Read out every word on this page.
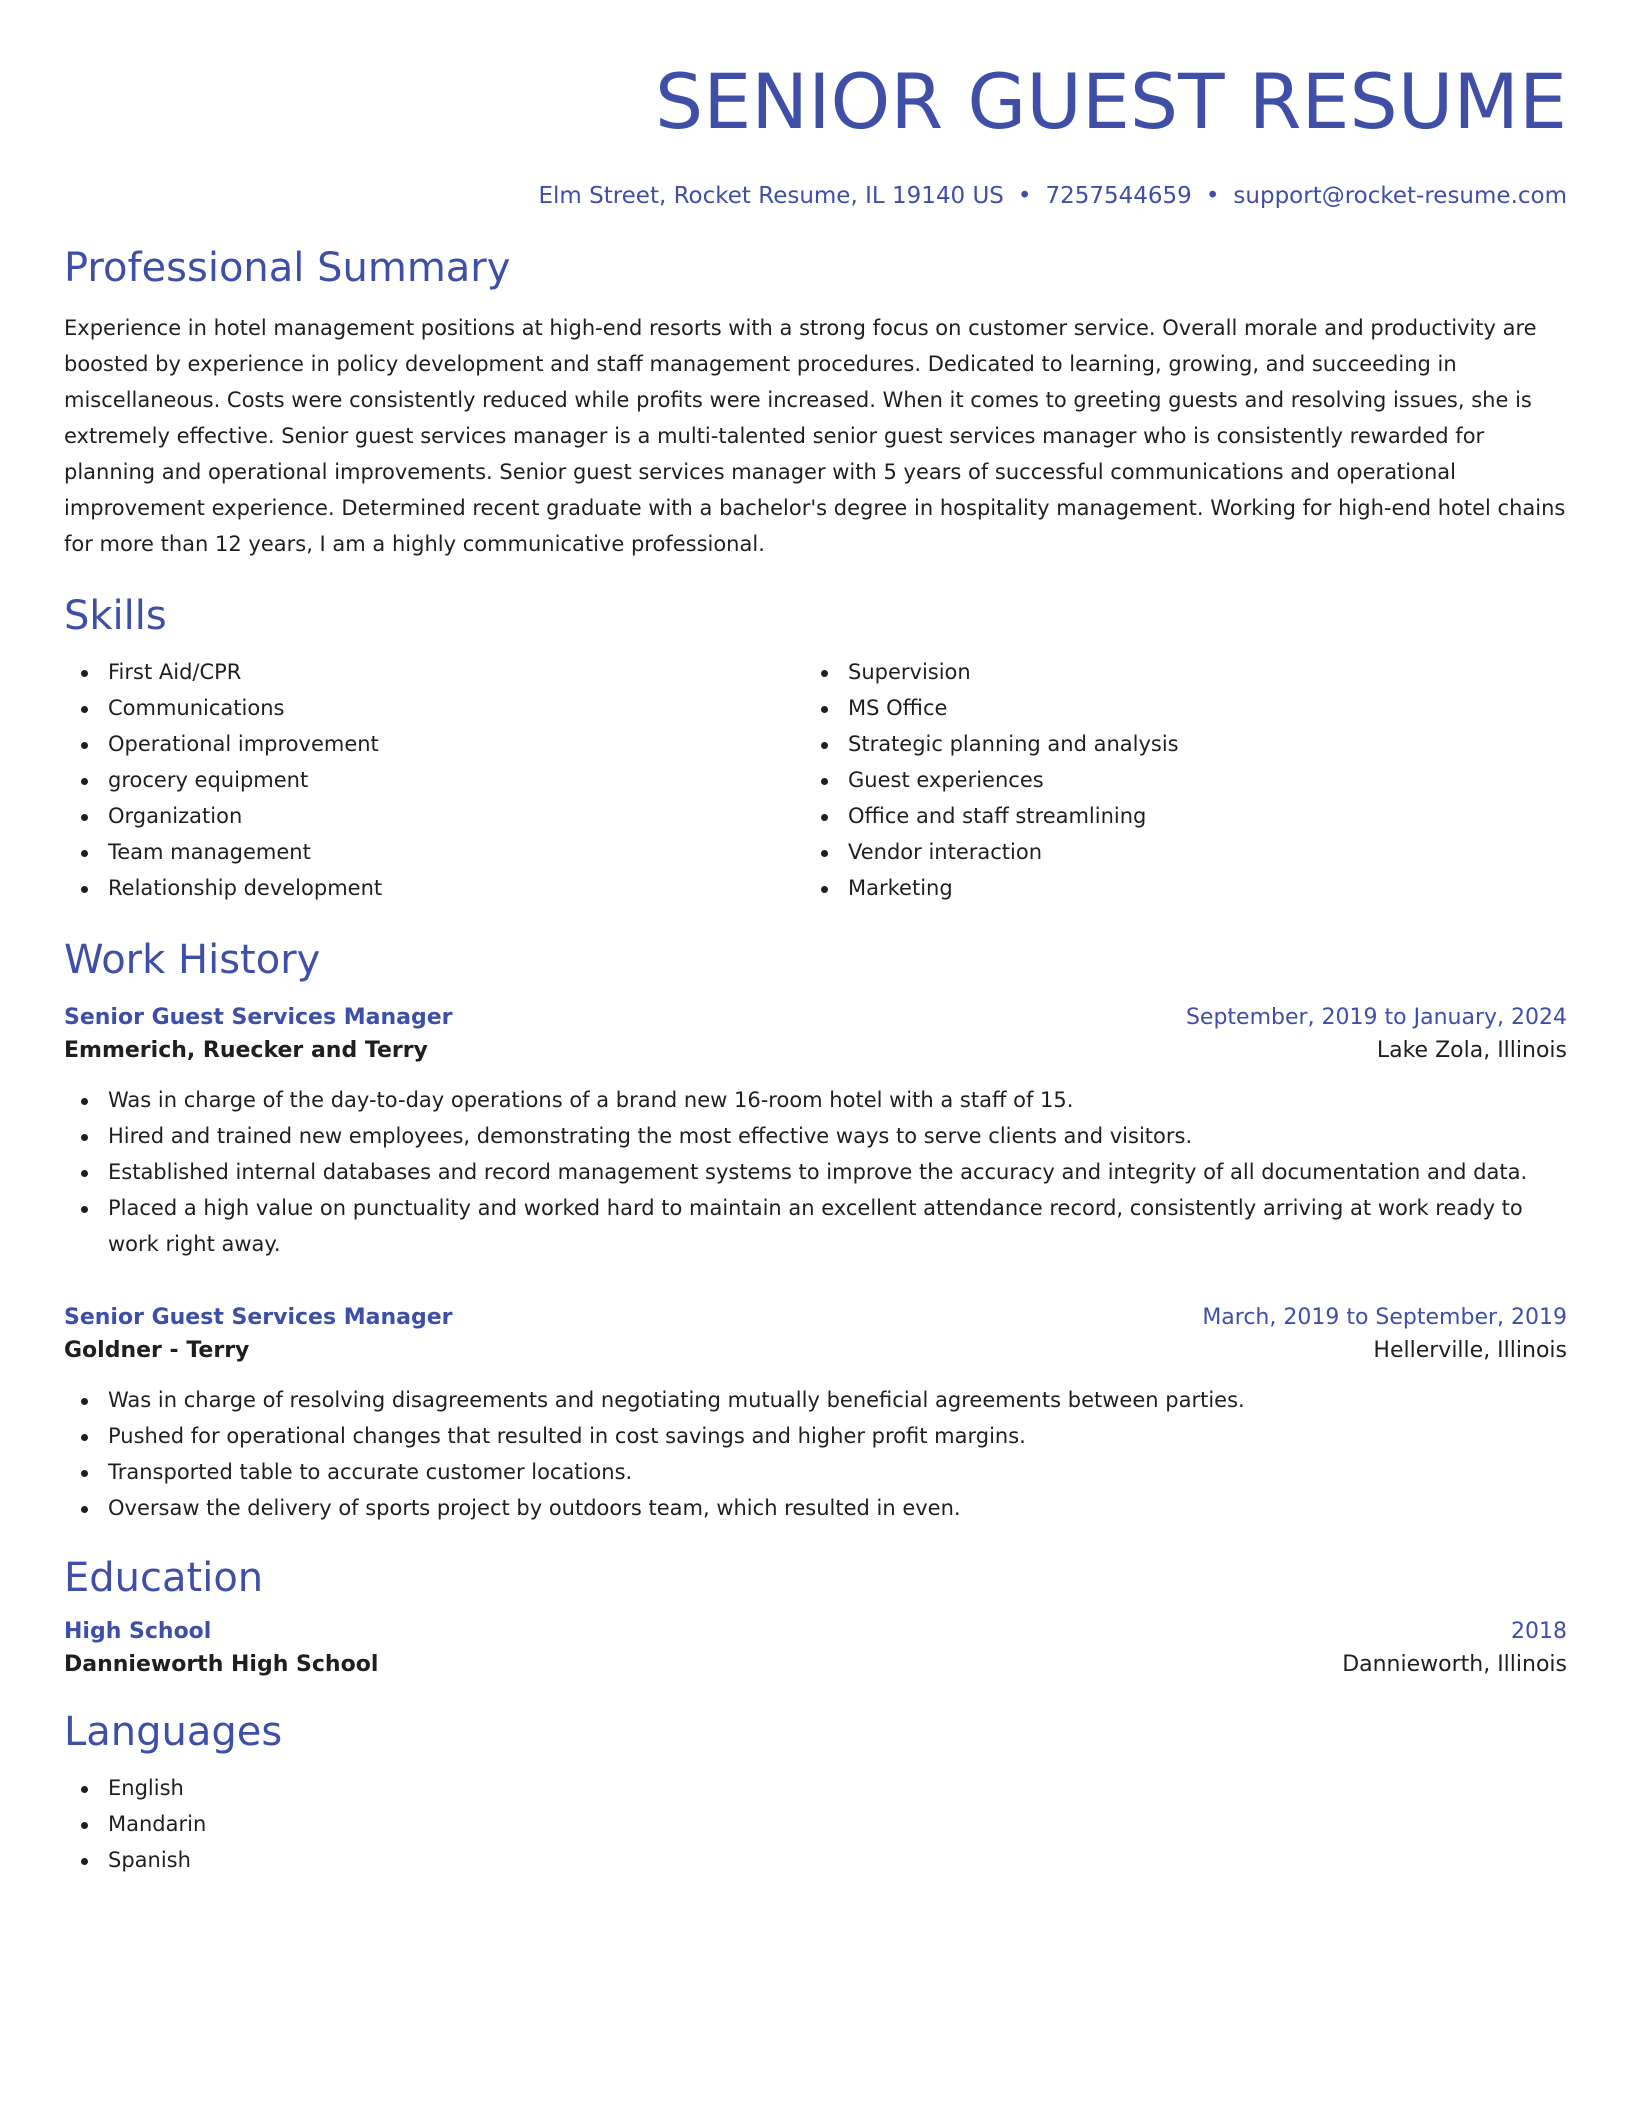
SENIOR GUEST RESUME
Elm Street, Rocket Resume, IL 19140 US • 7257544659 • support@rocket-resume.com
Professional Summary

Experience in hotel management positions at high-end resorts with a strong focus on customer service. Overall morale and productivity are boosted by experience in policy development and staff management procedures. Dedicated to learning, growing, and succeeding in miscellaneous. Costs were consistently reduced while profits were increased. When it comes to greeting guests and resolving issues, she is extremely effective. Senior guest services manager is a multi-talented senior guest services manager who is consistently rewarded for planning and operational improvements. Senior guest services manager with 5 years of successful communications and operational improvement experience. Determined recent graduate with a bachelor's degree in hospitality management. Working for high-end hotel chains for more than 12 years, I am a highly communicative professional.

Skills
First Aid/CPR
Communications
Operational improvement
grocery equipment
Organization
Team management
Relationship development
Supervision
MS Office
Strategic planning and analysis
Guest experiences
Office and staff streamlining
Vendor interaction
Marketing
Work History
Senior Guest Services Manager	September, 2019 to January, 2024
Emmerich, Ruecker and Terry	Lake Zola, Illinois
Was in charge of the day-to-day operations of a brand new 16-room hotel with a staff of 15.
Hired and trained new employees, demonstrating the most effective ways to serve clients and visitors.
Established internal databases and record management systems to improve the accuracy and integrity of all documentation and data.
Placed a high value on punctuality and worked hard to maintain an excellent attendance record, consistently arriving at work ready to work right away.
Senior Guest Services Manager	March, 2019 to September, 2019
Goldner - Terry	Hellerville, Illinois
Was in charge of resolving disagreements and negotiating mutually beneficial agreements between parties.
Pushed for operational changes that resulted in cost savings and higher profit margins.
Transported table to accurate customer locations.
Oversaw the delivery of sports project by outdoors team, which resulted in even.
Education
High School	2018
Dannieworth High School	Dannieworth, Illinois
Languages
English
Mandarin
Spanish
